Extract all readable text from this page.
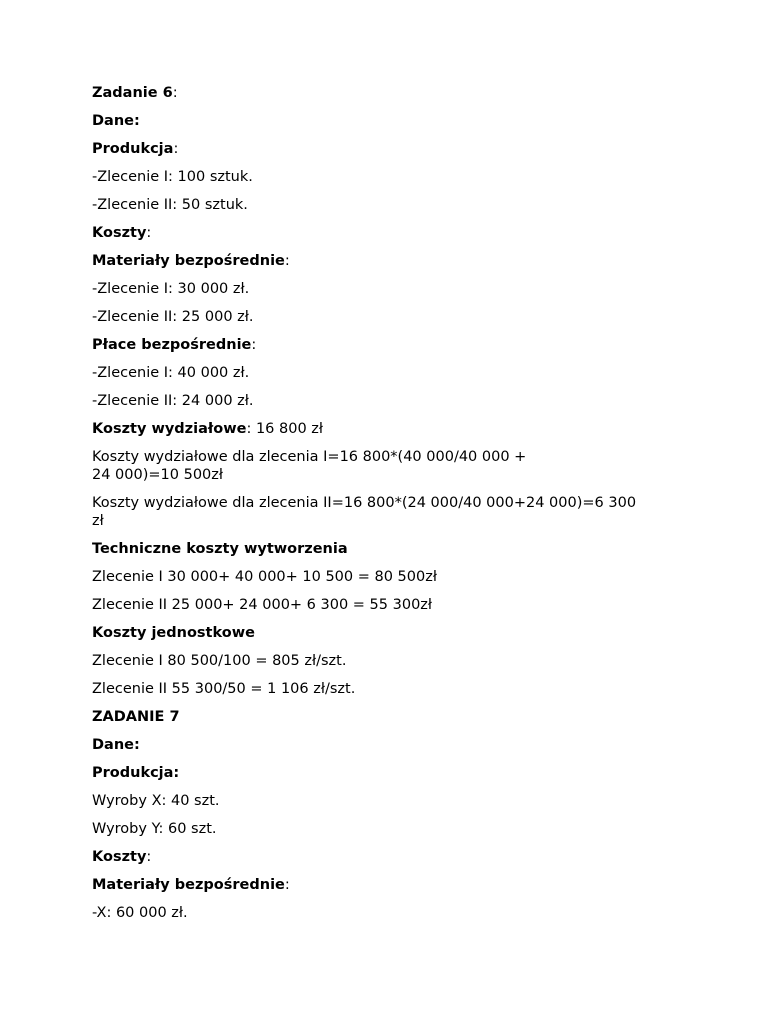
Zadanie 6:

Dane:

Produkcja:

-Zlecenie I: 100 sztuk.

-Zlecenie II: 50 sztuk.

Koszty:

Materiały bezpośrednie:

-Zlecenie I: 30 000 zł.

-Zlecenie II: 25 000 zł.

Płace bezpośrednie:

-Zlecenie I: 40 000 zł.

-Zlecenie II: 24 000 zł.

Koszty wydziałowe: 16 800 zł

Koszty wydziałowe dla zlecenia I=16 800*(40 000/40 000 +
24 000)=10 500zł

Koszty wydziałowe dla zlecenia II=16 800*(24 000/40 000+24 000)=6 300
zł

Techniczne koszty wytworzenia

Zlecenie I 30 000+ 40 000+ 10 500 = 80 500zł

Zlecenie II 25 000+ 24 000+ 6 300 = 55 300zł

Koszty jednostkowe

Zlecenie I 80 500/100 = 805 zł/szt.

Zlecenie II 55 300/50 = 1 106 zł/szt.

ZADANIE 7

Dane:

Produkcja:

Wyroby X: 40 szt.

Wyroby Y: 60 szt.

Koszty:

Materiały bezpośrednie:

-X: 60 000 zł.
